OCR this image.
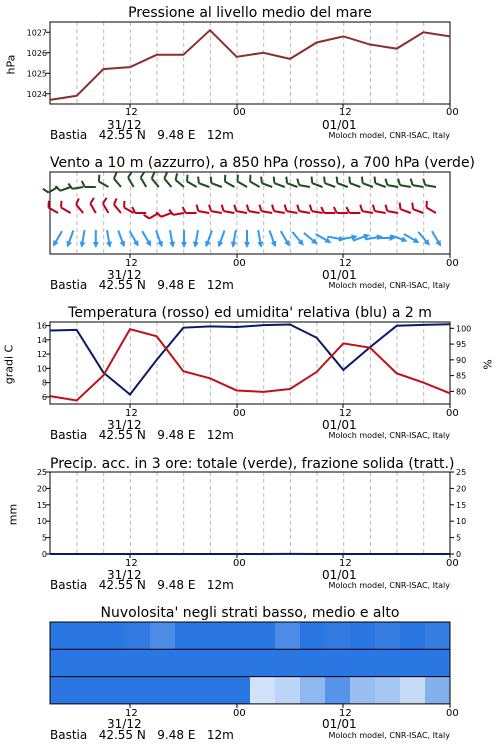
Pressione al livello medio del mare
hPa
1024
1025
1026
1027
12	00	12	00
31/12	01/01
Bastia 42.55 N 9.48 E 12m	Moloch model, CNR-ISAC, Italy
Vento a 10 m (azzurro), a 850 hPa (rosso), a 700 hPa (verde)
12	00	12	00
31/12	01/01
Bastia 42.55 N 9.48 E 12m	Moloch model, CNR-ISAC, Italy
Temperatura (rosso) ed umidita' relativa (blu) a 2 m
gradi C	%
6
8
10
12
14
16
80
85
90
95
100
12	00	12	00
31/12	01/01
Bastia 42.55 N 9.48 E 12m	Moloch model, CNR-ISAC, Italy
Precip. acc. in 3 ore: totale (verde), frazione solida (tratt.)
mm
0
5
10
15
20
25
0
5
10
15
20
25
12	00	12	00
31/12	01/01
Bastia 42.55 N 9.48 E 12m	Moloch model, CNR-ISAC, Italy
Nuvolosita' negli strati basso, medio e alto
12	00	12	00
31/12	01/01
Bastia 42.55 N 9.48 E 12m	Moloch model, CNR-ISAC, Italy
